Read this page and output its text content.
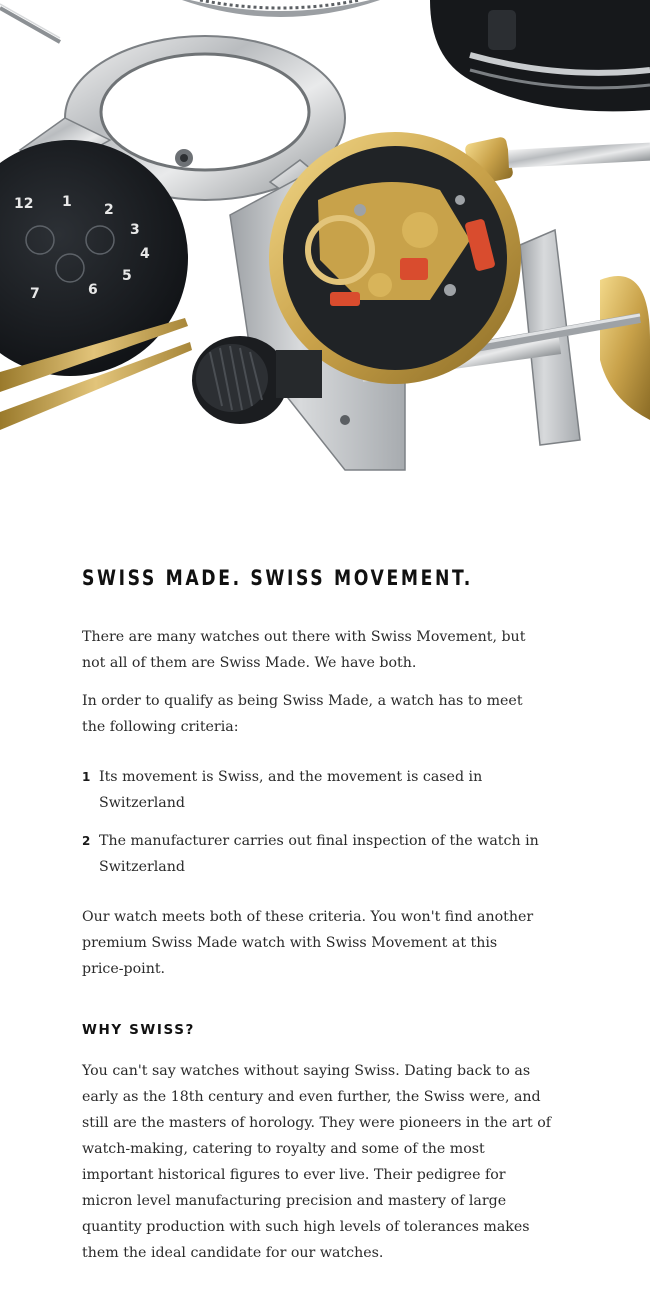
12 1 2
3
4
5
6
7
SWISS MADE. SWISS MOVEMENT.

There are many watches out there with Swiss Movement, but not all of them are Swiss Made. We have both.

In order to qualify as being Swiss Made, a watch has to meet the following criteria:

1 Its movement is Swiss, and the movement is cased in Switzerland
2 The manufacturer carries out final inspection of the watch in Switzerland

Our watch meets both of these criteria. You won't find another premium Swiss Made watch with Swiss Movement at this price-point.

WHY SWISS?

You can't say watches without saying Swiss. Dating back to as early as the 18th century and even further, the Swiss were, and still are the masters of horology. They were pioneers in the art of watch-making, catering to royalty and some of the most important historical figures to ever live. Their pedigree for micron level manufacturing precision and mastery of large quantity production with such high levels of tolerances makes them the ideal candidate for our watches.
